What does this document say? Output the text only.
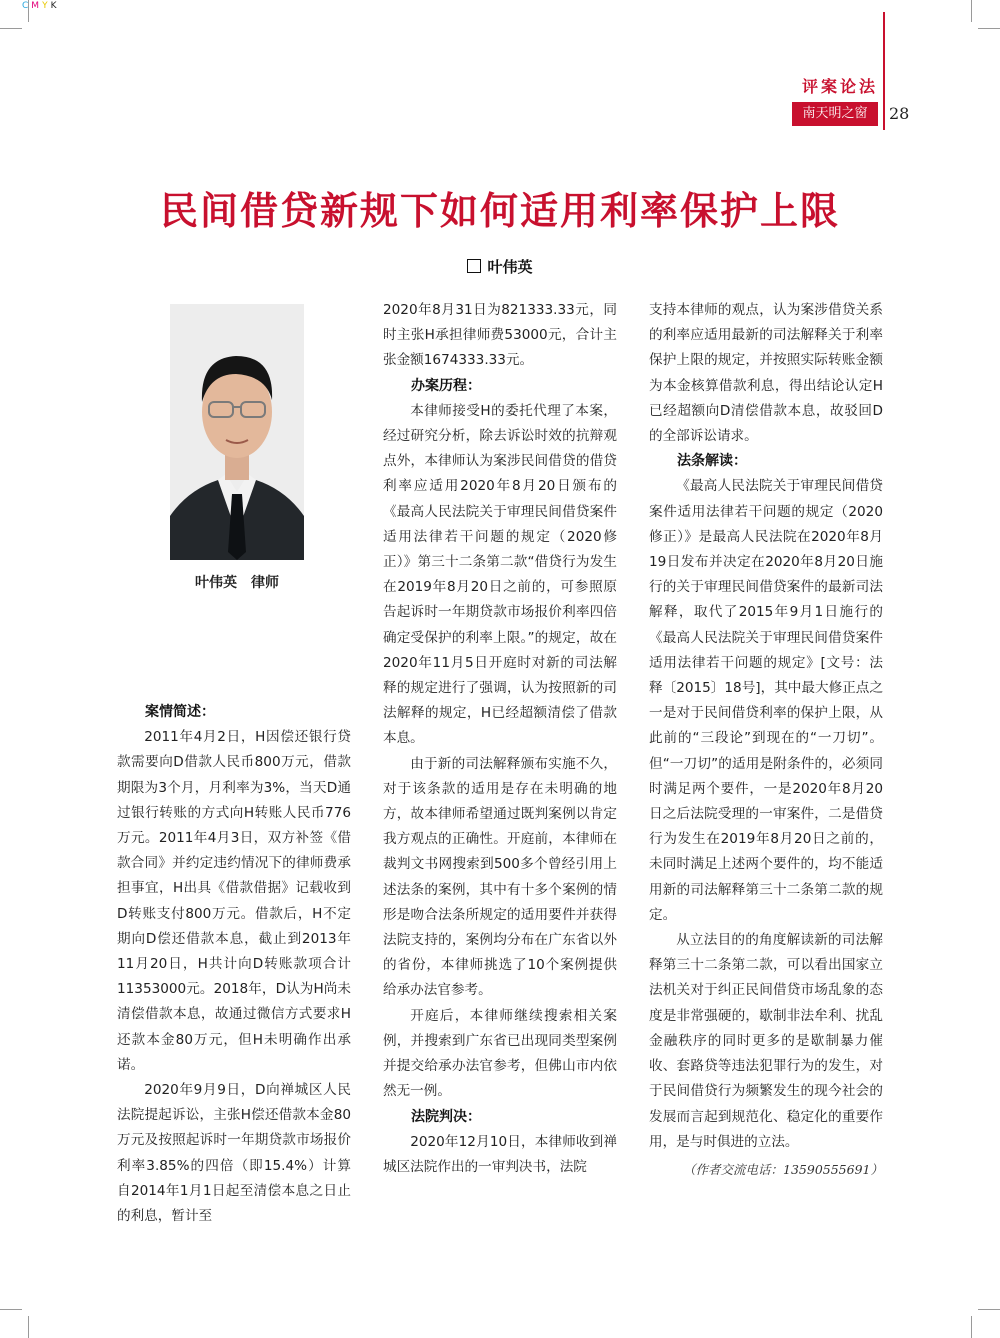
CMYK
评案论法
南天明之窗	28
民间借贷新规下如何适用利率保护上限
叶伟英
叶伟英　律师
案情简述：

2011年4月2日，H因偿还银行贷款需要向D借款人民币800万元，借款期限为3个月，月利率为3%，当天D通过银行转账的方式向H转账人民币776万元。2011年4月3日，双方补签《借款合同》并约定违约情况下的律师费承担事宜，H出具《借款借据》记载收到D转账支付800万元。借款后，H不定期向D偿还借款本息，截止到2013年11月20日，H共计向D转账款项合计11353000元。2018年，D认为H尚未清偿借款本息，故通过微信方式要求H还款本金80万元，但H未明确作出承诺。

2020年9月9日，D向禅城区人民法院提起诉讼，主张H偿还借款本金80万元及按照起诉时一年期贷款市场报价利率3.85%的四倍（即15.4%）计算自2014年1月1日起至清偿本息之日止的利息，暂计至

2020年8月31日为821333.33元，同时主张H承担律师费53000元，合计主张金额1674333.33元。

办案历程：

本律师接受H的委托代理了本案，经过研究分析，除去诉讼时效的抗辩观点外，本律师认为案涉民间借贷的借贷利率应适用2020年8月20日颁布的《最高人民法院关于审理民间借贷案件适用法律若干问题的规定（2020修正）》第三十二条第二款“借贷行为发生在2019年8月20日之前的，可参照原告起诉时一年期贷款市场报价利率四倍确定受保护的利率上限。”的规定，故在2020年11月5日开庭时对新的司法解释的规定进行了强调，认为按照新的司法解释的规定，H已经超额清偿了借款本息。

由于新的司法解释颁布实施不久，对于该条款的适用是存在未明确的地方，故本律师希望通过既判案例以肯定我方观点的正确性。开庭前，本律师在裁判文书网搜索到500多个曾经引用上述法条的案例，其中有十多个案例的情形是吻合法条所规定的适用要件并获得法院支持的，案例均分布在广东省以外的省份，本律师挑选了10个案例提供给承办法官参考。

开庭后，本律师继续搜索相关案例，并搜索到广东省已出现同类型案例并提交给承办法官参考，但佛山市内依然无一例。

法院判决：

2020年12月10日，本律师收到禅城区法院作出的一审判决书，法院

支持本律师的观点，认为案涉借贷关系的利率应适用最新的司法解释关于利率保护上限的规定，并按照实际转账金额为本金核算借款利息，得出结论认定H已经超额向D清偿借款本息，故驳回D的全部诉讼请求。

法条解读：

《最高人民法院关于审理民间借贷案件适用法律若干问题的规定（2020修正）》是最高人民法院在2020年8月19日发布并决定在2020年8月20日施行的关于审理民间借贷案件的最新司法解释，取代了2015年9月1日施行的《最高人民法院关于审理民间借贷案件适用法律若干问题的规定》[文号：法释〔2015〕18号]，其中最大修正点之一是对于民间借贷利率的保护上限，从此前的“三段论”到现在的“一刀切”。但“一刀切”的适用是附条件的，必须同时满足两个要件，一是2020年8月20日之后法院受理的一审案件，二是借贷行为发生在2019年8月20日之前的，未同时满足上述两个要件的，均不能适用新的司法解释第三十二条第二款的规定。

从立法目的的角度解读新的司法解释第三十二条第二款，可以看出国家立法机关对于纠正民间借贷市场乱象的态度是非常强硬的，歇制非法牟利、扰乱金融秩序的同时更多的是歇制暴力催收、套路贷等违法犯罪行为的发生，对于民间借贷行为频繁发生的现今社会的发展而言起到规范化、稳定化的重要作用，是与时俱进的立法。

（作者交流电话：13590555691）
